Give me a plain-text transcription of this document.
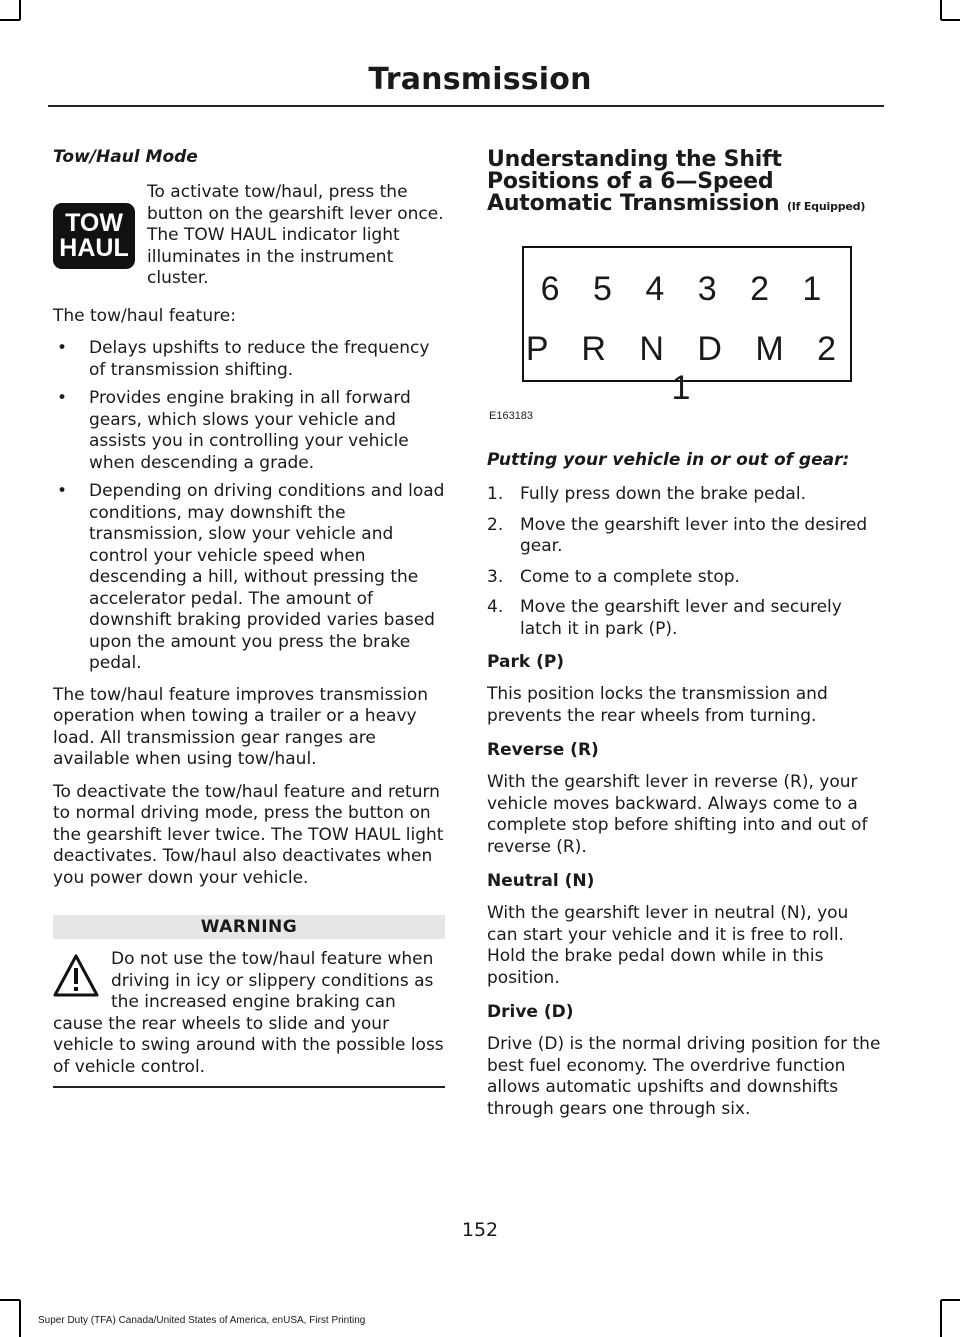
Transmission
Tow/Haul Mode
TOW
HAUL

To activate tow/haul, press the button on the gearshift lever once. The TOW HAUL indicator light illuminates in the instrument cluster.

The tow/haul feature:

• Delays upshifts to reduce the frequency of transmission shifting.
• Provides engine braking in all forward gears, which slows your vehicle and assists you in controlling your vehicle when descending a grade.
• Depending on driving conditions and load conditions, may downshift the transmission, slow your vehicle and control your vehicle speed when descending a hill, without pressing the accelerator pedal. The amount of downshift braking provided varies based upon the amount you press the brake pedal.

The tow/haul feature improves transmission operation when towing a trailer or a heavy load. All transmission gear ranges are available when using tow/haul.

To deactivate the tow/haul feature and return to normal driving mode, press the button on the gearshift lever twice. The TOW HAUL light deactivates. Tow/haul also deactivates when you power down your vehicle.

WARNING

Do not use the tow/haul feature when driving in icy or slippery conditions as the increased engine braking can cause the rear wheels to slide and your vehicle to swing around with the possible loss of vehicle control.

Understanding the Shift Positions of a 6—Speed Automatic Transmission (If Equipped)
6 5 4 3 2 1
P R N D M 2 1
E163183
Putting your vehicle in or out of gear:
1. Fully press down the brake pedal.
2. Move the gearshift lever into the desired gear.
3. Come to a complete stop.
4. Move the gearshift lever and securely latch it in park (P).
Park (P)

This position locks the transmission and prevents the rear wheels from turning.

Reverse (R)

With the gearshift lever in reverse (R), your vehicle moves backward. Always come to a complete stop before shifting into and out of reverse (R).

Neutral (N)

With the gearshift lever in neutral (N), you can start your vehicle and it is free to roll. Hold the brake pedal down while in this position.

Drive (D)

Drive (D) is the normal driving position for the best fuel economy. The overdrive function allows automatic upshifts and downshifts through gears one through six.

152
Super Duty (TFA) Canada/United States of America, enUSA, First Printing
